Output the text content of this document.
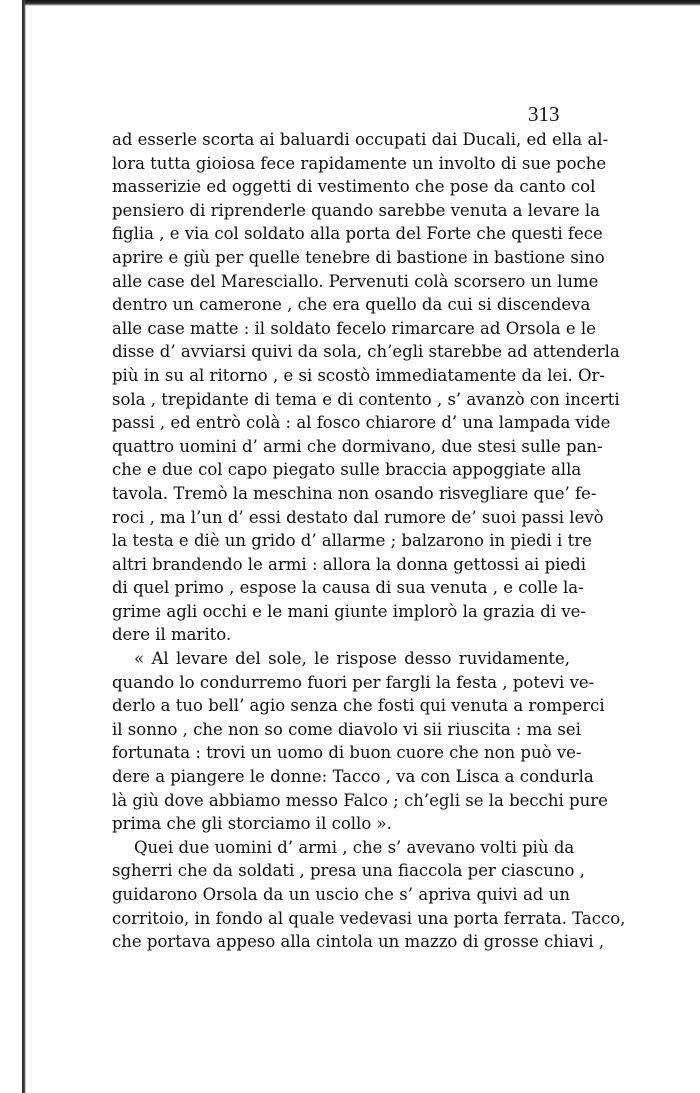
313
ad esserle scorta ai baluardi occupati dai Ducali, ed ella al-
lora tutta gioiosa fece rapidamente un involto di sue poche
masserizie ed oggetti di vestimento che pose da canto col
pensiero di riprenderle quando sarebbe venuta a levare la
figlia , e via col soldato alla porta del Forte che questi fece
aprire e giù per quelle tenebre di bastione in bastione sino
alle case del Maresciallo. Pervenuti colà scorsero un lume
dentro un camerone , che era quello da cui si discendeva
alle case matte : il soldato fecelo rimarcare ad Orsola e le
disse d’ avviarsi quivi da sola, ch’egli starebbe ad attenderla
più in su al ritorno , e si scostò immediatamente da lei. Or-
sola , trepidante di tema e di contento , s’ avanzò con incerti
passi , ed entrò colà : al fosco chiarore d’ una lampada vide
quattro uomini d’ armi che dormivano, due stesi sulle pan-
che e due col capo piegato sulle braccia appoggiate alla
tavola. Tremò la meschina non osando risvegliare que’ fe-
roci , ma l’un d’ essi destato dal rumore de’ suoi passi levò
la testa e diè un grido d’ allarme ; balzarono in piedi i tre
altri brandendo le armi : allora la donna gettossi ai piedi
di quel primo , espose la causa di sua venuta , e colle la-
grime agli occhi e le mani giunte implorò la grazia di ve-
dere il marito.
« Al levare del sole, le rispose desso ruvidamente,
quando lo condurremo fuori per fargli la festa , potevi ve-
derlo a tuo bell’ agio senza che fosti qui venuta a romperci
il sonno , che non so come diavolo vi sii riuscita : ma sei
fortunata : trovi un uomo di buon cuore che non può ve-
dere a piangere le donne: Tacco , va con Lisca a condurla
là giù dove abbiamo messo Falco ; ch’egli se la becchi pure
prima che gli storciamo il collo ».
Quei due uomini d’ armi , che s’ avevano volti più da
sgherri che da soldati , presa una fiaccola per ciascuno ,
guidarono Orsola da un uscio che s’ apriva quivi ad un
corritoio, in fondo al quale vedevasi una porta ferrata. Tacco,
che portava appeso alla cintola un mazzo di grosse chiavi ,
